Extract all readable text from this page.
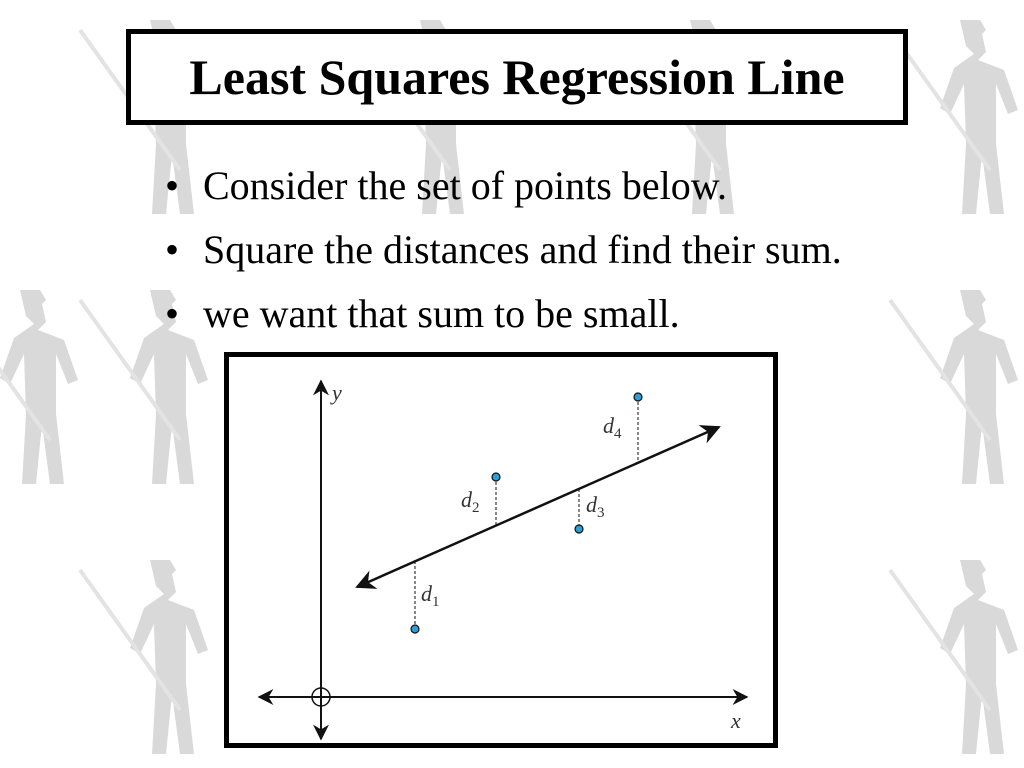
Least Squares Regression Line
• Consider the set of points below.
• Square the distances and find their sum.
• we want that sum to be small.
x
y
$d_1$
$d_2$	$d_3$
$d_4$
